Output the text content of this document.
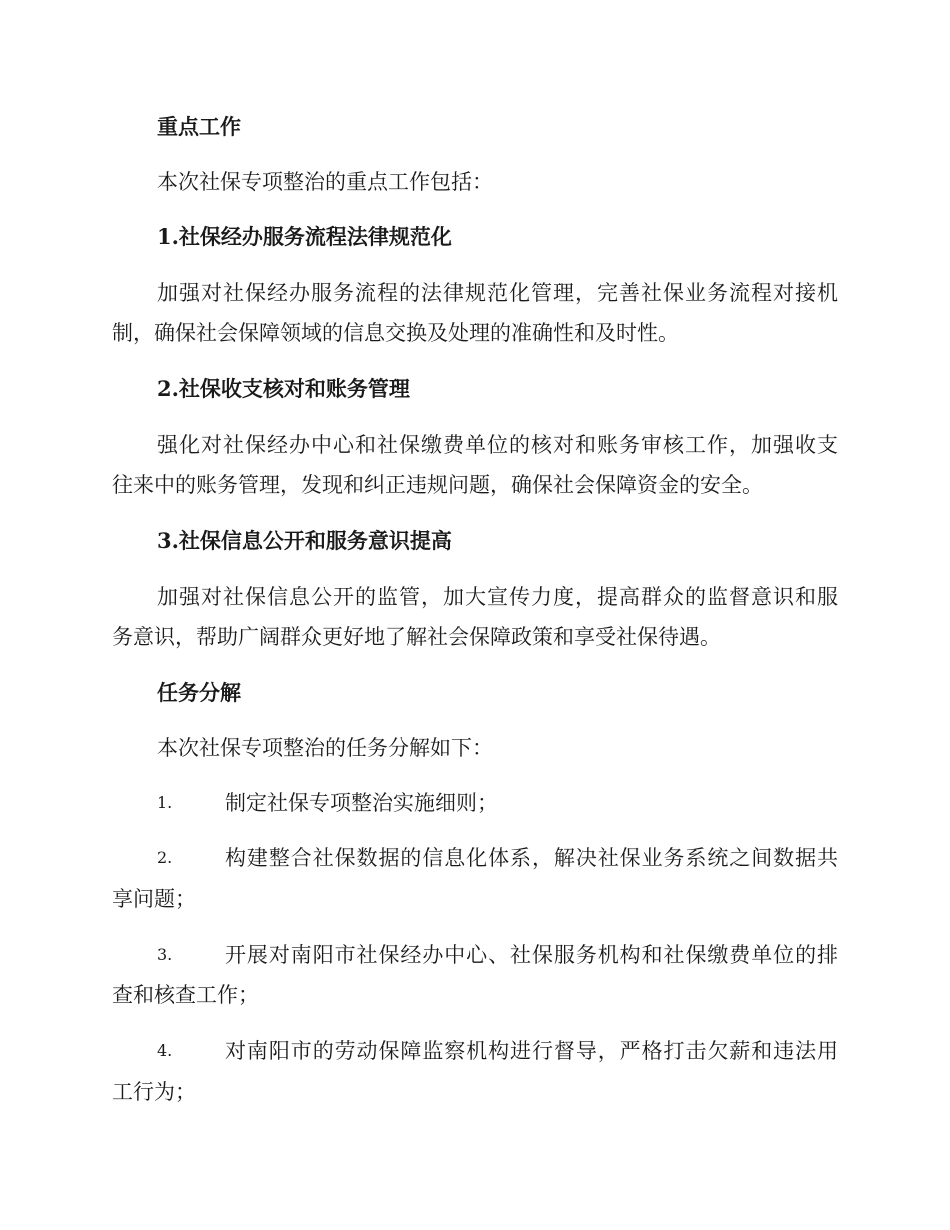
重点工作
本次社保专项整治的重点工作包括：
1.社保经办服务流程法律规范化
加强对社保经办服务流程的法律规范化管理，完善社保业务流程对接机
制，确保社会保障领域的信息交换及处理的准确性和及时性。
2.社保收支核对和账务管理
强化对社保经办中心和社保缴费单位的核对和账务审核工作，加强收支
往来中的账务管理，发现和纠正违规问题，确保社会保障资金的安全。
3.社保信息公开和服务意识提高
加强对社保信息公开的监管，加大宣传力度，提高群众的监督意识和服
务意识，帮助广阔群众更好地了解社会保障政策和享受社保待遇。
任务分解
本次社保专项整治的任务分解如下：
1.	制定社保专项整治实施细则；
2.	构建整合社保数据的信息化体系，解决社保业务系统之间数据共
享问题；
3.	开展对南阳市社保经办中心、社保服务机构和社保缴费单位的排
查和核查工作；
4.	对南阳市的劳动保障监察机构进行督导，严格打击欠薪和违法用
工行为；
